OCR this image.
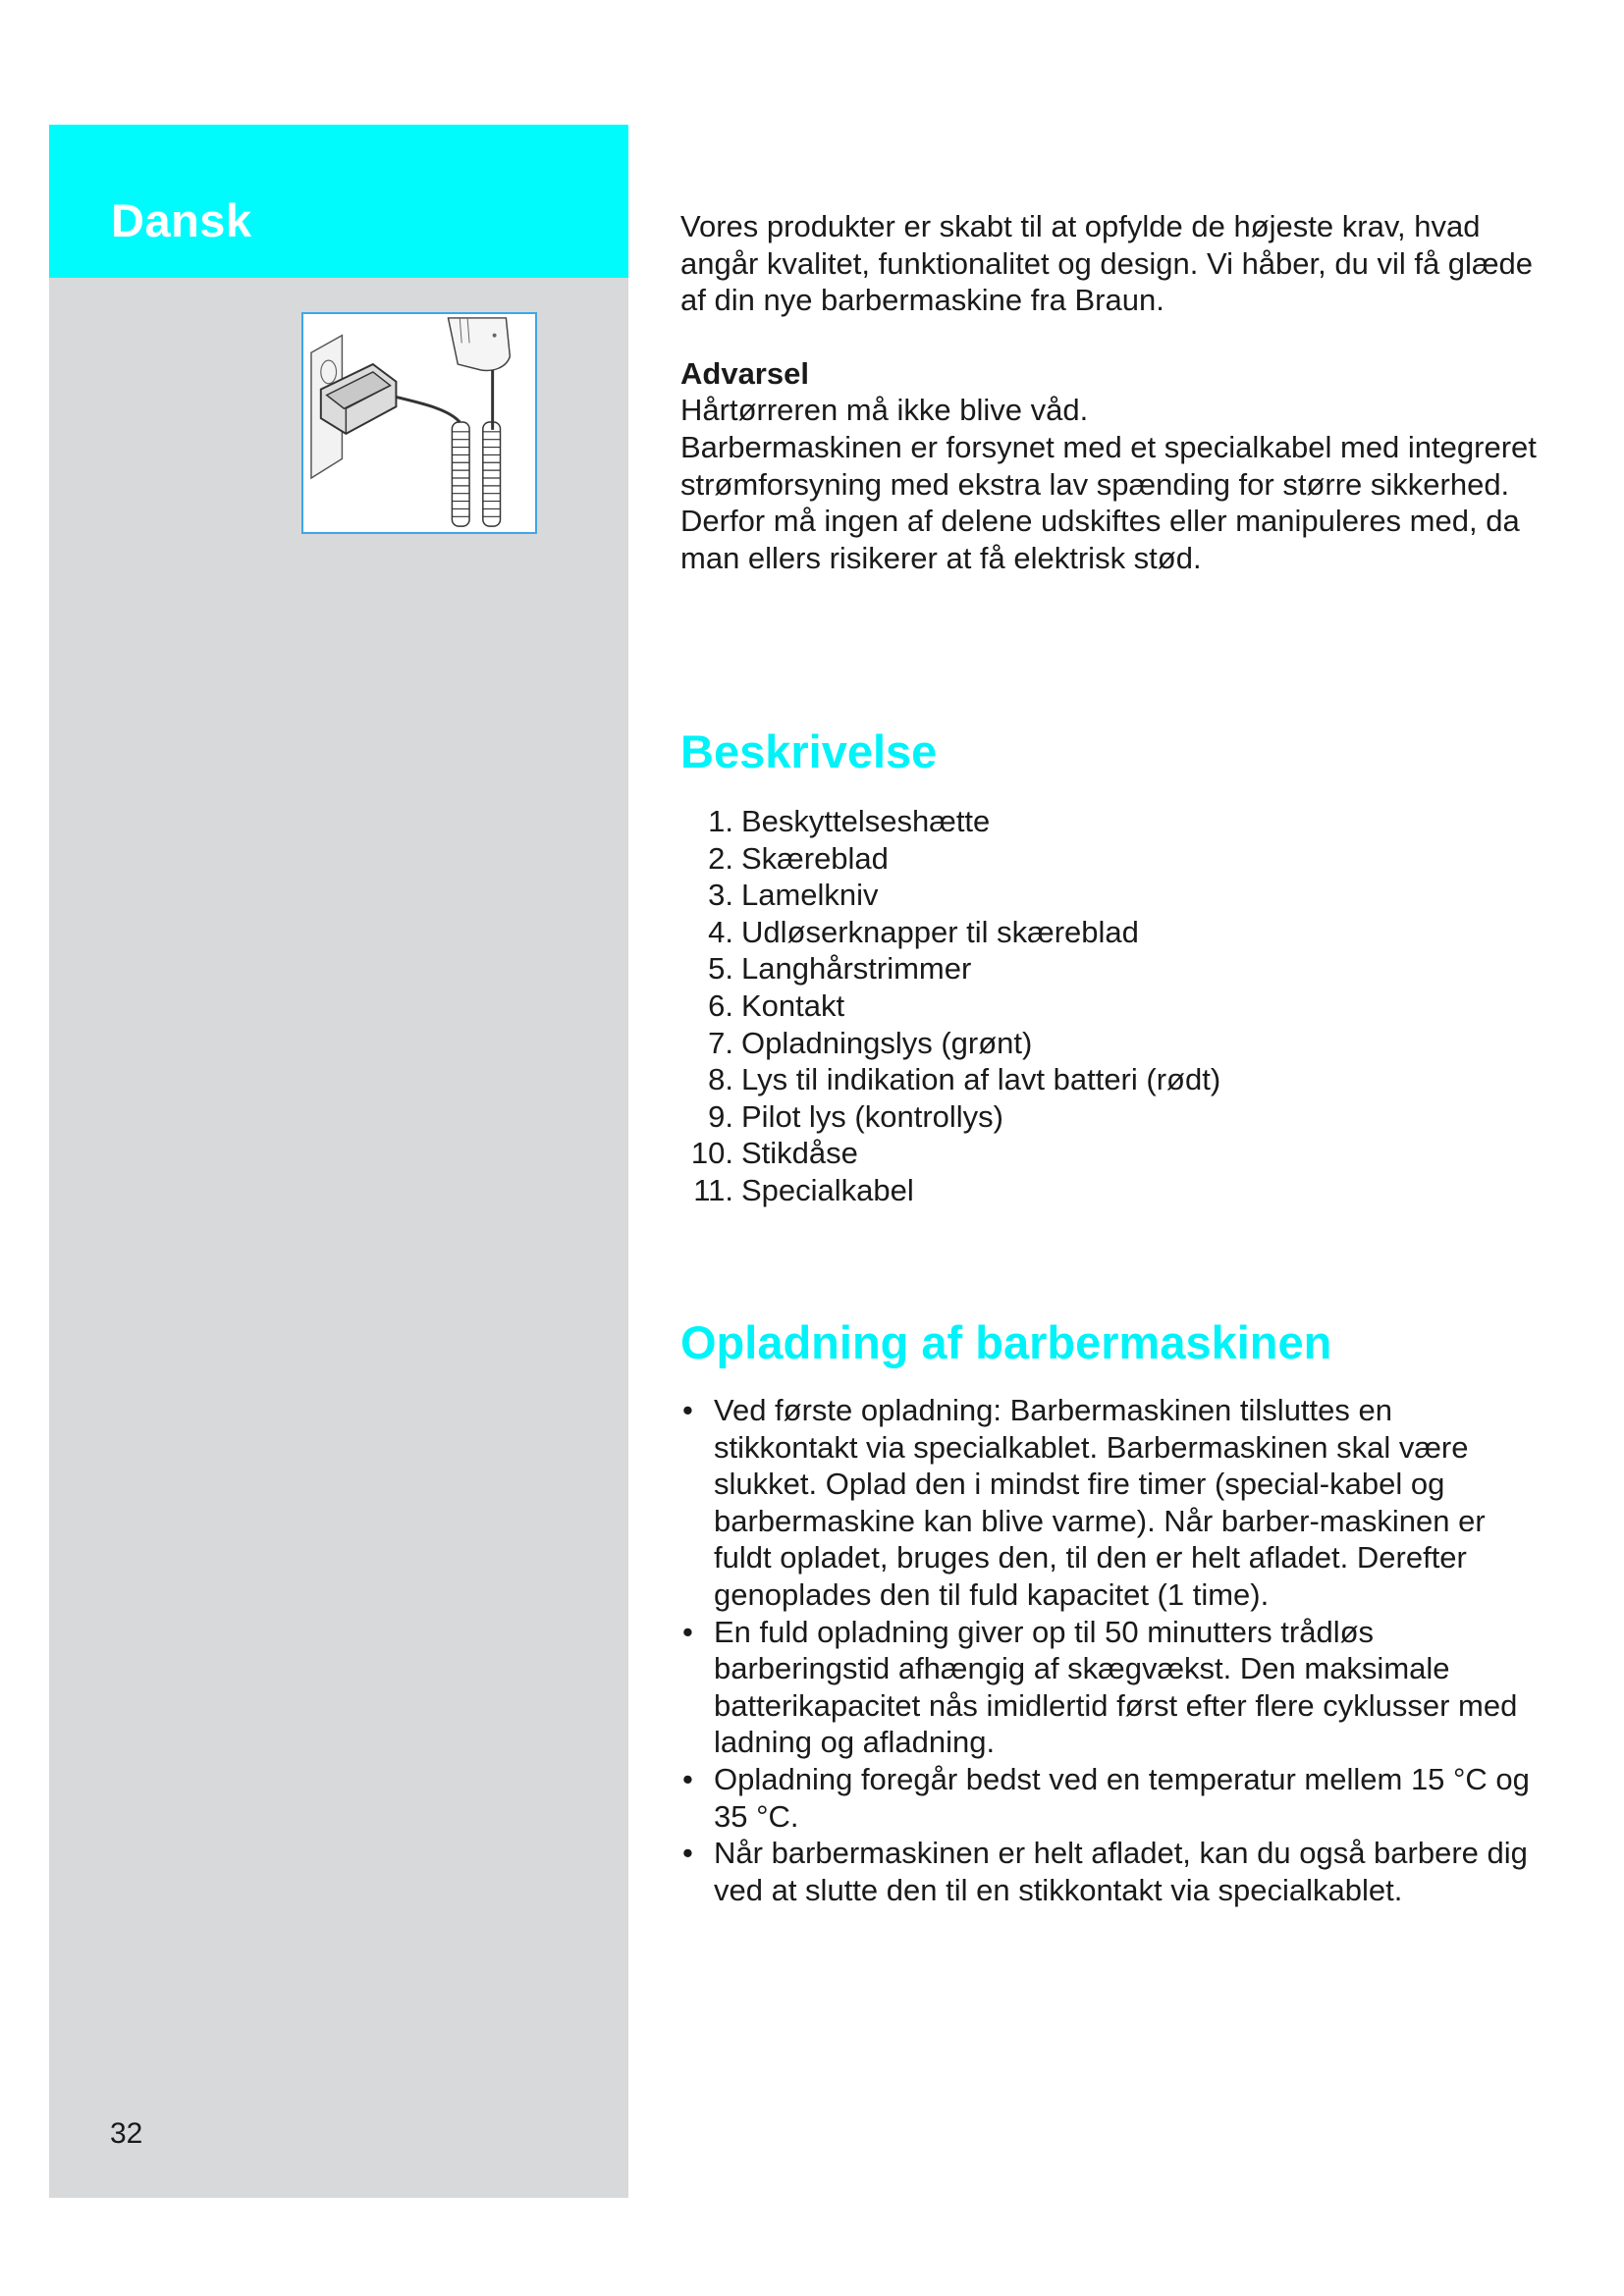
Dansk
32

Vores produkter er skabt til at opfylde de højeste krav, hvad angår kvalitet, funktionalitet og design. Vi håber, du vil få glæde af din nye barbermaskine fra Braun.

Advarsel

Hårtørreren må ikke blive våd.

Barbermaskinen er forsynet med et specialkabel med integreret strømforsyning med ekstra lav spænding for større sikkerhed. Derfor må ingen af delene udskiftes eller manipuleres med, da man ellers risikerer at få elektrisk stød.

Beskrivelse
1. Beskyttelseshætte
2. Skæreblad
3. Lamelkniv
4. Udløserknapper til skæreblad
5. Langhårstrimmer
6. Kontakt
7. Opladningslys (grønt)
8. Lys til indikation af lavt batteri (rødt)
9. Pilot lys (kontrollys)
10. Stikdåse
11. Specialkabel
Opladning af barbermaskinen
• Ved første opladning: Barbermaskinen tilsluttes en stikkontakt via specialkablet. Barbermaskinen skal være slukket. Oplad den i mindst fire timer (special-kabel og barbermaskine kan blive varme). Når barber-maskinen er fuldt opladet, bruges den, til den er helt afladet. Derefter genoplades den til fuld kapacitet (1 time).
• En fuld opladning giver op til 50 minutters trådløs barberingstid afhængig af skægvækst. Den maksimale batterikapacitet nås imidlertid først efter flere cyklusser med ladning og afladning.
• Opladning foregår bedst ved en temperatur mellem 15 °C og 35 °C.
• Når barbermaskinen er helt afladet, kan du også barbere dig ved at slutte den til en stikkontakt via specialkablet.
